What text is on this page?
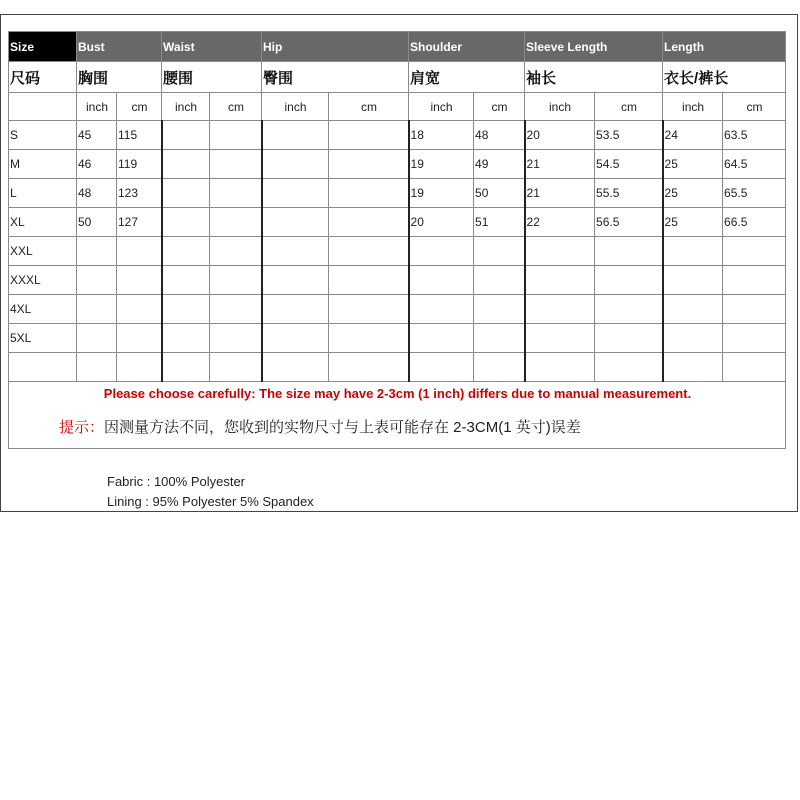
Size	Bust		Waist		Hip		Shoulder		Sleeve Length		Length	
尺码	胸围		腰围		臀围		肩宽		袖长		衣长/裤长	
	inch	cm	inch	cm	inch	cm	inch	cm	inch	cm	inch	cm
S	45	115					18	48	20	53.5	24	63.5
M	46	119					19	49	21	54.5	25	64.5
L	48	123					19	50	21	55.5	25	65.5
XL	50	127					20	51	22	56.5	25	66.5
XXL												
XXXL												
4XL												
5XL												

Please choose carefully: The size may have 2-3cm (1 inch) differs due to manual measurement.
提示：因测量方法不同，您收到的实物尺寸与上表可能存在 2-3CM(1 英寸)误差												
Fabric : 100% Polyester
Lining : 95% Polyester 5% Spandex
